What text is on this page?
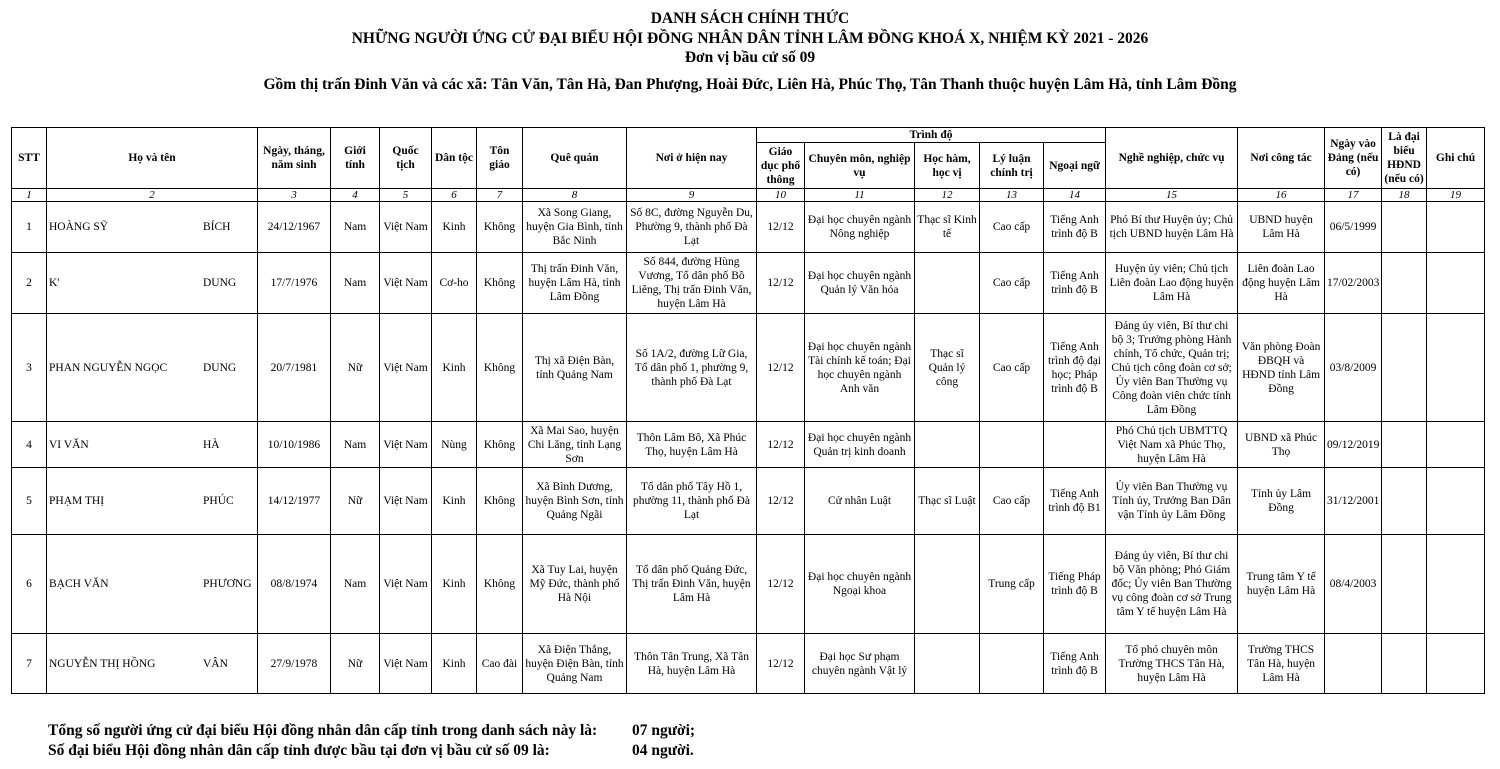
DANH SÁCH CHÍNH THỨC
NHỮNG NGƯỜI ỨNG CỬ ĐẠI BIỂU HỘI ĐỒNG NHÂN DÂN TỈNH LÂM ĐỒNG KHOÁ X, NHIỆM KỲ 2021 - 2026
Đơn vị bầu cử số 09
Gồm thị trấn Đinh Văn và các xã: Tân Văn, Tân Hà, Đan Phượng, Hoài Đức, Liên Hà, Phúc Thọ, Tân Thanh thuộc huyện Lâm Hà, tỉnh Lâm Đồng
STT	Họ và tên	Ngày, tháng, năm sinh	Giới tính	Quốc tịch	Dân tộc	Tôn giáo	Quê quán	Nơi ở hiện nay	Trình độ					Nghề nghiệp, chức vụ	Nơi công tác	Ngày vào Đảng (nếu có)	Là đại biểu HĐND (nếu có)	Ghi chú
									Giáo dục phổ thông	Chuyên môn, nghiệp vụ	Học hàm, học vị	Lý luận chính trị	Ngoại ngữ					
1	2	3	4	5	6	7	8	9	10	11	12	13	14	15	16	17	18	19
1	HOÀNG SỸ BÍCH	24/12/1967	Nam	Việt Nam	Kinh	Không	Xã Song Giang, huyện Gia Bình, tỉnh Bắc Ninh	Số 8C, đường Nguyễn Du, Phường 9, thành phố Đà Lạt	12/12	Đại học chuyên ngành Nông nghiệp	Thạc sĩ Kinh tế	Cao cấp	Tiếng Anh trình độ B	Phó Bí thư Huyện ủy; Chủ tịch UBND huyện Lâm Hà	UBND huyện Lâm Hà	06/5/1999		
2	K' DUNG	17/7/1976	Nam	Việt Nam	Cơ-ho	Không	Thị trấn Đinh Văn, huyện Lâm Hà, tỉnh Lâm Đồng	Số 844, đường Hùng Vương, Tổ dân phố Bồ Liêng, Thị trấn Đinh Văn, huyện Lâm Hà	12/12	Đại học chuyên ngành Quản lý Văn hóa		Cao cấp	Tiếng Anh trình độ B	Huyện ủy viên; Chủ tịch Liên đoàn Lao động huyện Lâm Hà	Liên đoàn Lao động huyện Lâm Hà	17/02/2003		
3	PHAN NGUYỄN NGỌC DUNG	20/7/1981	Nữ	Việt Nam	Kinh	Không	Thị xã Điện Bàn, tỉnh Quảng Nam	Số 1A/2, đường Lữ Gia, Tổ dân phố 1, phường 9, thành phố Đà Lạt	12/12	Đại học chuyên ngành Tài chính kế toán; Đại học chuyên ngành Anh văn	Thạc sĩ Quản lý công	Cao cấp	Tiếng Anh trình độ đại học; Pháp trình độ B	Đảng ủy viên, Bí thư chi bộ 3; Trưởng phòng Hành chính, Tổ chức, Quản trị; Chủ tịch công đoàn cơ sở; Ủy viên Ban Thường vụ Công đoàn viên chức tỉnh Lâm Đồng	Văn phòng Đoàn ĐBQH và HĐND tỉnh Lâm Đồng	03/8/2009		
4	VI VĂN HÀ	10/10/1986	Nam	Việt Nam	Nùng	Không	Xã Mai Sao, huyện Chi Lăng, tỉnh Lạng Sơn	Thôn Lâm Bô, Xã Phúc Thọ, huyện Lâm Hà	12/12	Đại học chuyên ngành Quản trị kinh doanh				Phó Chủ tịch UBMTTQ Việt Nam xã Phúc Thọ, huyện Lâm Hà	UBND xã Phúc Thọ	09/12/2019		
5	PHẠM THỊ PHÚC	14/12/1977	Nữ	Việt Nam	Kinh	Không	Xã Bình Dương, huyện Bình Sơn, tỉnh Quảng Ngãi	Tổ dân phố Tây Hồ 1, phường 11, thành phố Đà Lạt	12/12	Cử nhân Luật	Thạc sĩ Luật	Cao cấp	Tiếng Anh trình độ B1	Ủy viên Ban Thường vụ Tỉnh ủy, Trưởng Ban Dân vận Tỉnh ủy Lâm Đồng	Tỉnh ủy Lâm Đồng	31/12/2001		
6	BẠCH VĂN PHƯƠNG	08/8/1974	Nam	Việt Nam	Kinh	Không	Xã Tuy Lai, huyện Mỹ Đức, thành phố Hà Nội	Tổ dân phố Quảng Đức, Thị trấn Đinh Văn, huyện Lâm Hà	12/12	Đại học chuyên ngành Ngoại khoa		Trung cấp	Tiếng Pháp trình độ B	Đảng ủy viên, Bí thư chi bộ Văn phòng; Phó Giám đốc; Ủy viên Ban Thường vụ công đoàn cơ sở Trung tâm Y tế huyện Lâm Hà	Trung tâm Y tế huyện Lâm Hà	08/4/2003		
7	NGUYỄN THỊ HỒNG VÂN	27/9/1978	Nữ	Việt Nam	Kinh	Cao đài	Xã Điện Thắng, huyện Điện Bàn, tỉnh Quảng Nam	Thôn Tân Trung, Xã Tân Hà, huyện Lâm Hà	12/12	Đại học Sư phạm chuyên ngành Vật lý			Tiếng Anh trình độ B	Tổ phó chuyên môn Trường THCS Tân Hà, huyện Lâm Hà	Trường THCS Tân Hà, huyện Lâm Hà			
Tổng số người ứng cử đại biểu Hội đồng nhân dân cấp tỉnh trong danh sách này là:	07 người;
Số đại biểu Hội đồng nhân dân cấp tỉnh được bầu tại đơn vị bầu cử số 09 là:	04 người.
